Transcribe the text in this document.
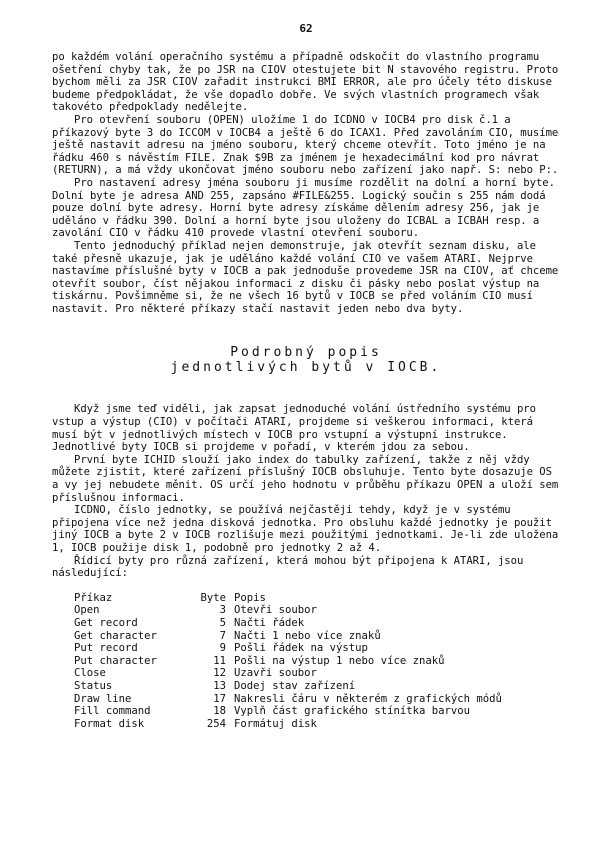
62

po každém volání operačního systému a případně odskočit do vlastního programu ošetření chyby tak, že po JSR na CIOV otestujete bit N stavového registru. Proto bychom měli za JSR CIOV zařadit instrukci BMI ERROR, ale pro účely této diskuse budeme předpokládat, že vše dopadlo dobře. Ve svých vlastních programech však takovéto předpoklady nedělejte.

Pro otevření souboru (OPEN) uložíme 1 do ICDNO v IOCB4 pro disk č.1 a příkazový byte 3 do ICCOM v IOCB4 a ještě 6 do ICAX1. Před zavoláním CIO, musíme ještě nastavit adresu na jméno souboru, který chceme otevřít. Toto jméno je na řádku 460 s návěstím FILE. Znak $9B za jménem je hexadecimální kod pro návrat (RETURN), a má vždy ukončovat jméno souboru nebo zařízení jako např. S: nebo P:.

Pro nastavení adresy jména souboru ji musíme rozdělit na dolní a horní byte. Dolní byte je adresa AND 255, zapsáno #FILE&255. Logický součin s 255 nám dodá pouze dolní byte adresy. Horní byte adresy získáme dělením adresy 256, jak je uděláno v řádku 390. Dolní a horní byte jsou uloženy do ICBAL a ICBAH resp. a zavolání CIO v řádku 410 provede vlastní otevření souboru.

Tento jednoduchý příklad nejen demonstruje, jak otevřít seznam disku, ale také přesně ukazuje, jak je uděláno každé volání CIO ve vašem ATARI. Nejprve nastavíme příslušné byty v IOCB a pak jednoduše provedeme JSR na CIOV, ať chceme otevřít soubor, číst nějakou informaci z disku či pásky nebo poslat výstup na tiskárnu. Povšimněme si, že ne všech 16 bytů v IOCB se před voláním CIO musí nastavit. Pro některé příkazy stačí nastavit jeden nebo dva byty.

Podrobný popis
jednotlivých bytů v IOCB.

Když jsme teď viděli, jak zapsat jednoduché volání ústředního systému pro vstup a výstup (CIO) v počítači ATARI, projdeme si veškerou informaci, která musí být v jednotlivých místech v IOCB pro vstupní a výstupní instrukce. Jednotlivé byty IOCB si projdeme v pořadí, v kterém jdou za sebou.

První byte ICHID slouží jako index do tabulky zařízení, takže z něj vždy můžete zjistit, které zařízení příslušný IOCB obsluhuje. Tento byte dosazuje OS a vy jej nebudete měnit. OS určí jeho hodnotu v průběhu příkazu OPEN a uloží sem příslušnou informaci.

ICDNO, číslo jednotky, se používá nejčastěji tehdy, když je v systému připojena více než jedna disková jednotka. Pro obsluhu každé jednotky je použit jiný IOCB a byte 2 v IOCB rozlišuje mezi použitými jednotkami. Je-li zde uložena 1, IOCB použije disk 1, podobně pro jednotky 2 až 4.

Řídicí byty pro různá zařízení, která mohou být připojena k ATARI, jsou následující:

Příkaz	Byte	Popis
Open	3	Otevři soubor
Get record	5	Načti řádek
Get character	7	Načti 1 nebo více znaků
Put record	9	Pošli řádek na výstup
Put character	11	Pošli na výstup 1 nebo více znaků
Close	12	Uzavři soubor
Status	13	Dodej stav zařízení
Draw line	17	Nakresli čáru v některém z grafických módů
Fill command	18	Vyplň část grafického stínítka barvou
Format disk	254	Formátuj disk
